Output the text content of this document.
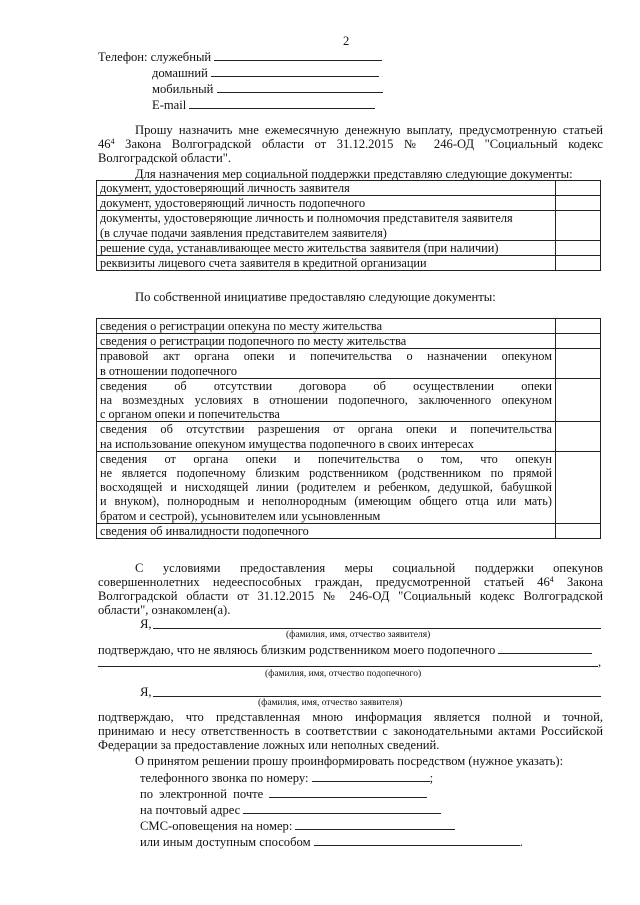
2
Телефон: служебный
домашний
мобильный
E-mail
Прошу назначить мне ежемесячную денежную выплату, предусмотренную статьей
$46^4$ Закона Волгоградской области от 31.12.2015 № 246-ОД "Социальный кодекс
Волгоградской области".
Для назначения мер социальной поддержки представляю следующие документы:
документ, удостоверяющий личность заявителя	

документ, удостоверяющий личность подопечного	

документы, удостоверяющие личность и полномочия представителя заявителя
(в случае подачи заявления представителем заявителя)	

решение суда, устанавливающее место жительства заявителя (при наличии)	

реквизиты лицевого счета заявителя в кредитной организации	

По собственной инициативе предоставляю следующие документы:
сведения о регистрации опекуна по месту жительства	

сведения о регистрации подопечного по месту жительства	

правовой акт органа опеки и попечительства о назначении опекуном
в отношении подопечного	

сведения об отсутствии договора об осуществлении опеки
на возмездных условиях в отношении подопечного, заключенного опекуном
с органом опеки и попечительства	

сведения об отсутствии разрешения от органа опеки и попечительства
на использование опекуном имущества подопечного в своих интересах	

сведения от органа опеки и попечительства о том, что опекун
не является подопечному близким родственником (родственником по прямой
восходящей и нисходящей линии (родителем и ребенком, дедушкой, бабушкой
и внуком), полнородным и неполнородным (имеющим общего отца или мать)
братом и сестрой), усыновителем или усыновленным	

сведения об инвалидности подопечного	

С условиями предоставления меры социальной поддержки опекунов
совершеннолетних недееспособных граждан, предусмотренной статьей $46^4$ Закона
Волгоградской области от 31.12.2015 № 246-ОД "Социальный кодекс Волгоградской
области", ознакомлен(а).
Я,
(фамилия, имя, отчество заявителя)
подтверждаю, что не являюсь близким родственником моего подопечного
,
(фамилия, имя, отчество подопечного)
Я,
(фамилия, имя, отчество заявителя)
подтверждаю, что представленная мною информация является полной и точной,
принимаю и несу ответственность в соответствии с законодательными актами Российской
Федерации за предоставление ложных или неполных сведений.
О принятом решении прошу проинформировать посредством (нужное указать):
телефонного звонка по номеру:	;
по электронной почте
на почтовый адрес
СМС-оповещения на номер:
или иным доступным способом	.
